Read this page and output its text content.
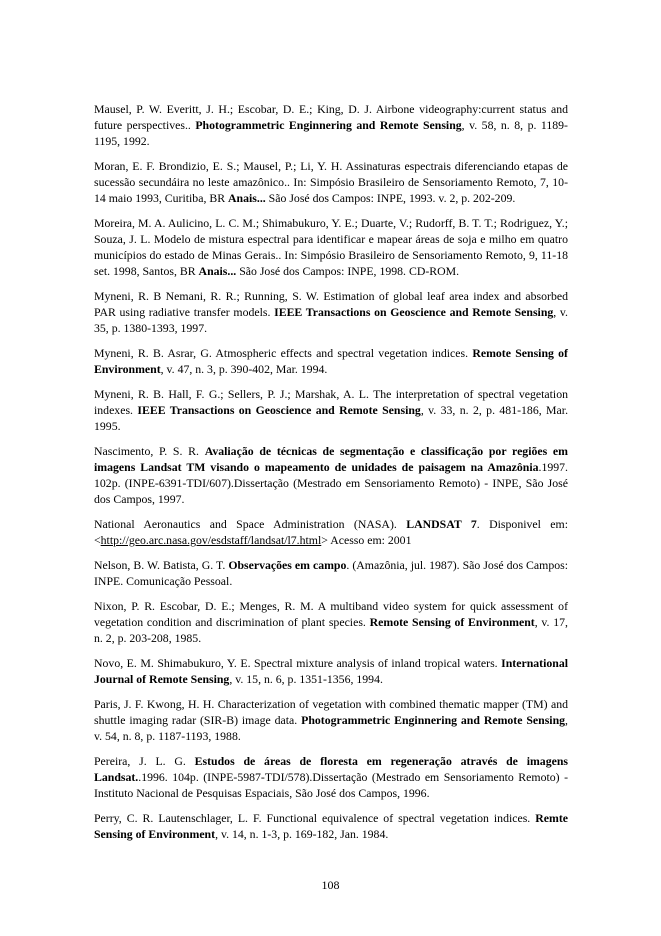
Mausel, P. W. Everitt, J. H.; Escobar, D. E.; King, D. J. Airbone videography:current status and future perspectives.. Photogrammetric Enginnering and Remote Sensing, v. 58, n. 8, p. 1189-1195, 1992.

Moran, E. F. Brondizio, E. S.; Mausel, P.; Li, Y. H. Assinaturas espectrais diferenciando etapas de sucessão secundáira no leste amazônico.. In: Simpósio Brasileiro de Sensoriamento Remoto, 7, 10-14 maio 1993, Curitiba, BR Anais... São José dos Campos: INPE, 1993. v. 2, p. 202-209.

Moreira, M. A. Aulicino, L. C. M.; Shimabukuro, Y. E.; Duarte, V.; Rudorff, B. T. T.; Rodriguez, Y.; Souza, J. L. Modelo de mistura espectral para identificar e mapear áreas de soja e milho em quatro municípios do estado de Minas Gerais.. In: Simpósio Brasileiro de Sensoriamento Remoto, 9, 11-18 set. 1998, Santos, BR Anais... São José dos Campos: INPE, 1998. CD-ROM.

Myneni, R. B Nemani, R. R.; Running, S. W. Estimation of global leaf area index and absorbed PAR using radiative transfer models. IEEE Transactions on Geoscience and Remote Sensing, v. 35, p. 1380-1393, 1997.

Myneni, R. B. Asrar, G. Atmospheric effects and spectral vegetation indices. Remote Sensing of Environment, v. 47, n. 3, p. 390-402, Mar. 1994.

Myneni, R. B. Hall, F. G.; Sellers, P. J.; Marshak, A. L. The interpretation of spectral vegetation indexes. IEEE Transactions on Geoscience and Remote Sensing, v. 33, n. 2, p. 481-186, Mar. 1995.

Nascimento, P. S. R. Avaliação de técnicas de segmentação e classificação por regiões em imagens Landsat TM visando o mapeamento de unidades de paisagem na Amazônia.1997. 102p. (INPE-6391-TDI/607).Dissertação (Mestrado em Sensoriamento Remoto) - INPE, São José dos Campos, 1997.

National Aeronautics and Space Administration (NASA). LANDSAT 7. Disponivel em: <http://geo.arc.nasa.gov/esdstaff/landsat/l7.html> Acesso em: 2001

Nelson, B. W. Batista, G. T. Observações em campo. (Amazônia, jul. 1987). São José dos Campos: INPE. Comunicação Pessoal.

Nixon, P. R. Escobar, D. E.; Menges, R. M. A multiband video system for quick assessment of vegetation condition and discrimination of plant species. Remote Sensing of Environment, v. 17, n. 2, p. 203-208, 1985.

Novo, E. M. Shimabukuro, Y. E. Spectral mixture analysis of inland tropical waters. International Journal of Remote Sensing, v. 15, n. 6, p. 1351-1356, 1994.

Paris, J. F. Kwong, H. H. Characterization of vegetation with combined thematic mapper (TM) and shuttle imaging radar (SIR-B) image data. Photogrammetric Enginnering and Remote Sensing, v. 54, n. 8, p. 1187-1193, 1988.

Pereira, J. L. G. Estudos de áreas de floresta em regeneração através de imagens Landsat..1996. 104p. (INPE-5987-TDI/578).Dissertação (Mestrado em Sensoriamento Remoto) - Instituto Nacional de Pesquisas Espaciais, São José dos Campos, 1996.

Perry, C. R. Lautenschlager, L. F. Functional equivalence of spectral vegetation indices. Remte Sensing of Environment, v. 14, n. 1-3, p. 169-182, Jan. 1984.

108
